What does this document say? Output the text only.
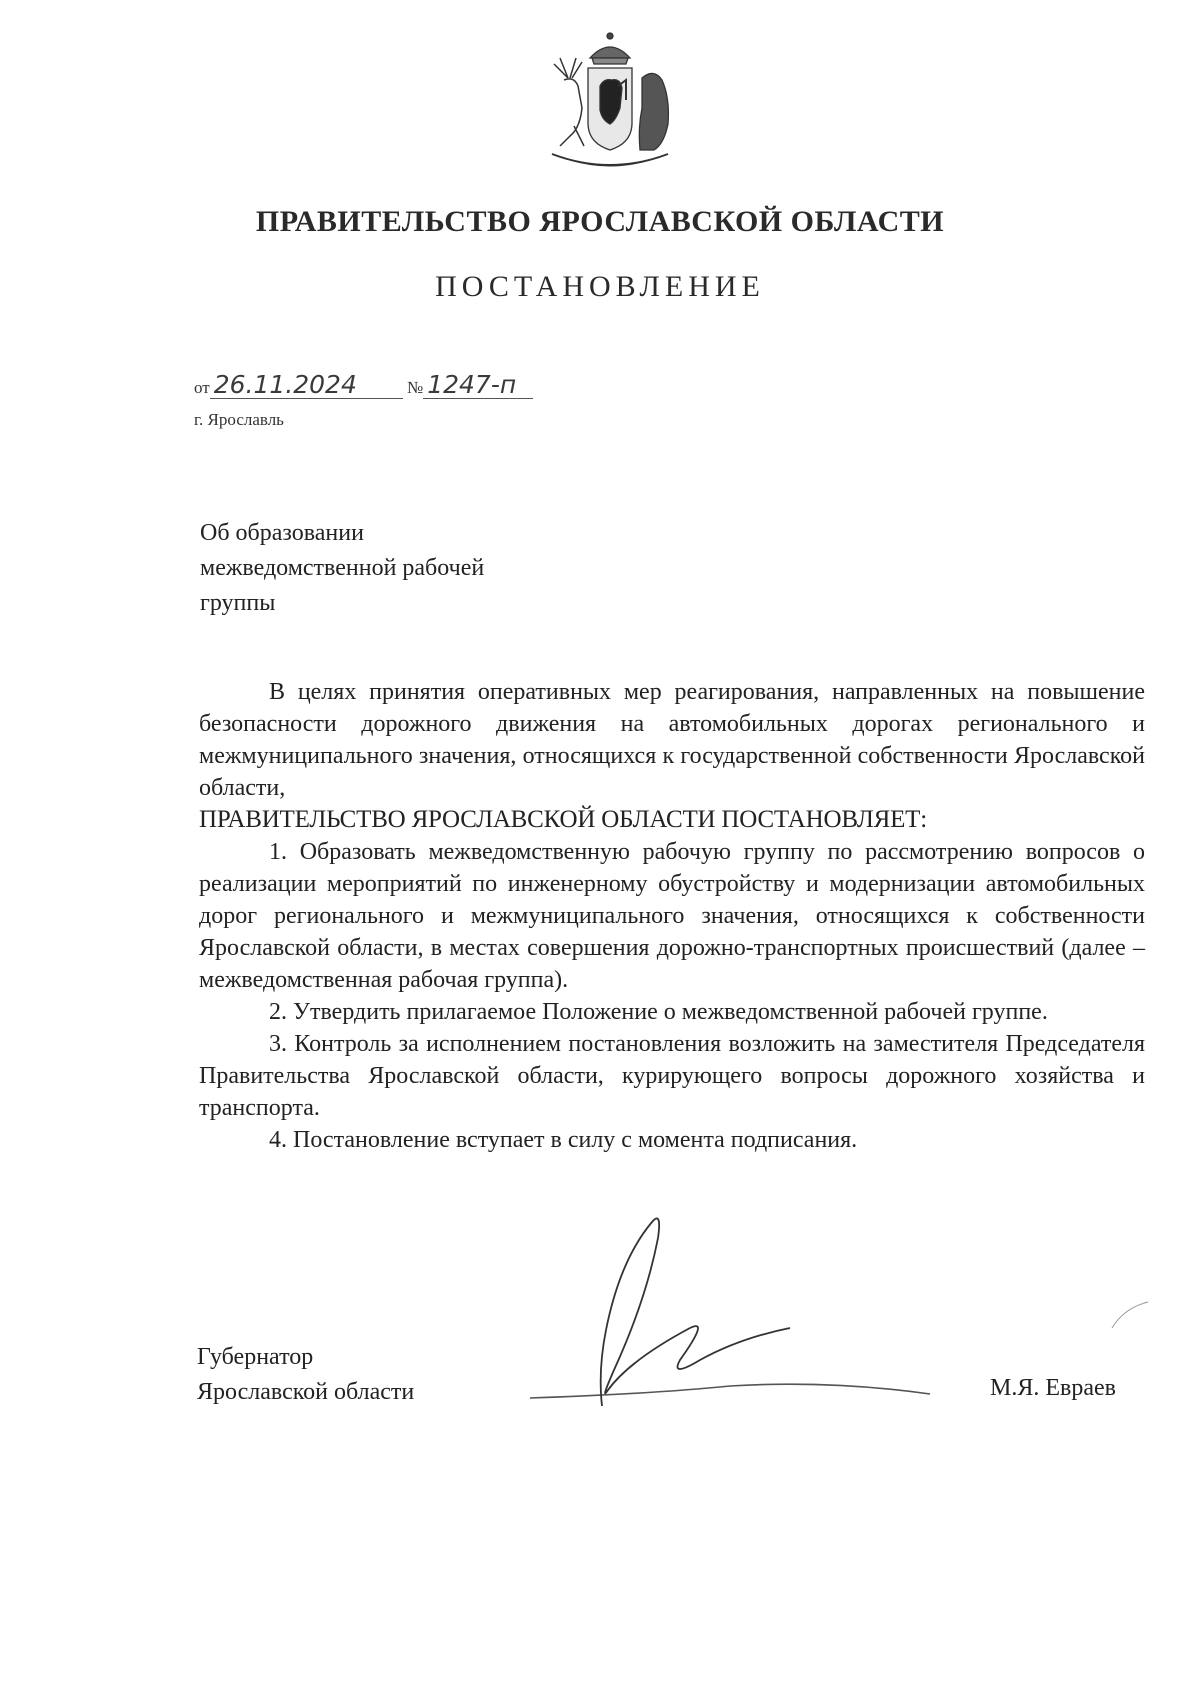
ПРАВИТЕЛЬСТВО ЯРОСЛАВСКОЙ ОБЛАСТИ
ПОСТАНОВЛЕНИЕ
от 26.11.2024	№ 1247-п
г. Ярославль
Об образовании
межведомственной рабочей
группы

В целях принятия оперативных мер реагирования, направленных на повышение безопасности дорожного движения на автомобильных дорогах регионального и межмуниципального значения, относящихся к государственной собственности Ярославской области,

ПРАВИТЕЛЬСТВО ЯРОСЛАВСКОЙ ОБЛАСТИ ПОСТАНОВЛЯЕТ:

1. Образовать межведомственную рабочую группу по рассмотрению вопросов о реализации мероприятий по инженерному обустройству и модернизации автомобильных дорог регионального и межмуниципального значения, относящихся к собственности Ярославской области, в местах совершения дорожно-транспортных происшествий (далее – межведомственная рабочая группа).

2. Утвердить прилагаемое Положение о межведомственной рабочей группе.

3. Контроль за исполнением постановления возложить на заместителя Председателя Правительства Ярославской области, курирующего вопросы дорожного хозяйства и транспорта.

4. Постановление вступает в силу с момента подписания.

Губернатор
Ярославской области	М.Я. Евраев
